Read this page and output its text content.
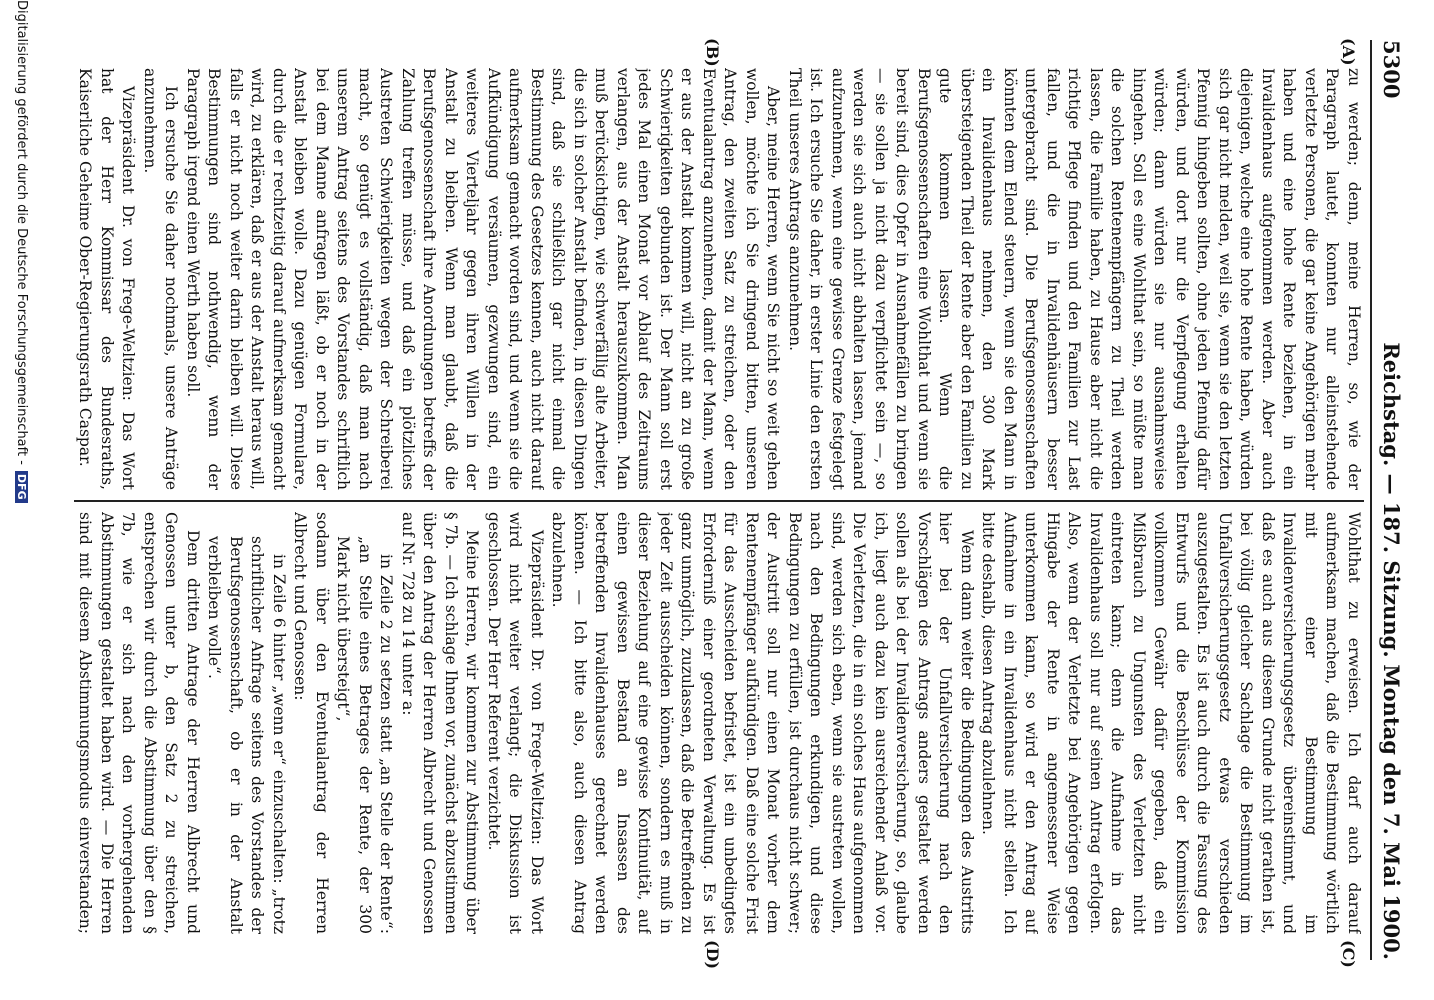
5300
Reichstag. — 187. Sitzung.
Montag den 7. Mai 1900.
(A)
(B)
(C)
(D)

zu werden; denn, meine Herren, so, wie der Paragraph lautet, konnten nur alleinstehende verletzte Personen, die gar keine Angehörigen mehr haben und eine hohe Rente beziehen, in ein Invalidenhaus aufgenommen werden. Aber auch diejenigen, welche eine hohe Rente haben, würden sich gar nicht melden, weil sie, wenn sie den letzten Pfennig hingeben sollten, ohne jeden Pfennig dafür würden, und dort nur die Verpflegung erhalten würden; dann würden sie nur ausnahmsweise hingehen. Soll es eine Wohlthat sein, so müßte man die solchen Rentenempfängern zu Theil werden lassen, die Familie haben, zu Hause aber nicht die richtige Pflege finden und den Familien zur Last fallen, und die in Invalidenhäusern besser untergebracht sind. Die Berufsgenossenschaften könnten dem Elend steuern, wenn sie den Mann in ein Invalidenhaus nehmen, den 300 Mark übersteigenden Theil der Rente aber den Familien zu gute kommen lassen. Wenn die Berufsgenossenschaften eine Wohlthat und wenn sie bereit sind, dies Opfer in Ausnahmefällen zu bringen — sie sollen ja nicht dazu verpflichtet sein —, so werden sie sich auch nicht abhalten lassen, jemand aufzunehmen, wenn eine gewisse Grenze festgelegt ist. Ich ersuche Sie daher, in erster Linie den ersten Theil unseres Antrags anzunehmen.

Aber, meine Herren, wenn Sie nicht so weit gehen wollen, möchte ich Sie dringend bitten, unseren Antrag, den zweiten Satz zu streichen, oder den Eventualantrag anzunehmen, damit der Mann, wenn er aus der Anstalt kommen will, nicht an zu große Schwierigkeiten gebunden ist. Der Mann soll erst jedes Mal einen Monat vor Ablauf des Zeitraums verlangen, aus der Anstalt herauszukommen. Man muß berücksichtigen, wie schwerfällig alte Arbeiter, die sich in solcher Anstalt befinden, in diesen Dingen sind, daß sie schließlich gar nicht einmal die Bestimmung des Gesetzes kennen, auch nicht darauf aufmerksam gemacht worden sind, und wenn sie die Aufkündigung versäumen, gezwungen sind, ein weiteres Vierteljahr gegen ihren Willen in der Anstalt zu bleiben. Wenn man glaubt, daß die Berufsgenossenschaft ihre Anordnungen betreffs der Zahlung treffen müsse, und daß ein plötzliches Austreten Schwierigkeiten wegen der Schreiberei macht, so genügt es vollständig, daß man nach unserem Antrag seitens des Vorstandes schriftlich bei dem Manne anfragen läßt, ob er noch in der Anstalt bleiben wolle. Dazu genügen Formulare, durch die er rechtzeitig darauf aufmerksam gemacht wird, zu erklären, daß er aus der Anstalt heraus will, falls er nicht noch weiter darin bleiben will. Diese Bestimmungen sind nothwendig, wenn der Paragraph irgend einen Werth haben soll.

Ich ersuche Sie daher nochmals, unsere Anträge anzunehmen.

Vizepräsident Dr. von Frege-Weltzien: Das Wort hat der Herr Kommissar des Bundesraths, Kaiserliche Geheime Ober-Regierungsrath Caspar.

Wohlthat zu erweisen. Ich darf auch darauf aufmerksam machen, daß die Bestimmung wörtlich mit einer Bestimmung im Invalidenversicherungsgesetz übereinstimmt, und daß es auch aus diesem Grunde nicht gerathen ist, bei völlig gleicher Sachlage die Bestimmung im Unfallversicherungsgesetz etwas verschieden auszugestalten. Es ist auch durch die Fassung des Entwurfs und die Beschlüsse der Kommission vollkommen Gewähr dafür gegeben, daß ein Mißbrauch zu Ungunsten des Verletzten nicht eintreten kann; denn die Aufnahme in das Invalidenhaus soll nur auf seinen Antrag erfolgen. Also, wenn der Verletzte bei Angehörigen gegen Hingabe der Rente in angemessener Weise unterkommen kann, so wird er den Antrag auf Aufnahme in ein Invalidenhaus nicht stellen. Ich bitte deshalb, diesen Antrag abzulehnen.

Wenn dann weiter die Bedingungen des Austritts hier bei der Unfallversicherung nach den Vorschlägen des Antrags anders gestaltet werden sollen als bei der Invalidenversicherung, so, glaube ich, liegt auch dazu kein ausreichender Anlaß vor. Die Verletzten, die in ein solches Haus aufgenommen sind, werden sich eben, wenn sie austreten wollen, nach den Bedingungen erkundigen, und diese Bedingungen zu erfüllen, ist durchaus nicht schwer; der Austritt soll nur einen Monat vorher dem Rentenempfänger aufkündigen. Daß eine solche Frist für das Ausscheiden befristet, ist ein unbedingtes Erforderniß einer geordneten Verwaltung. Es ist ganz unmöglich, zuzulassen, daß die Betreffenden zu jeder Zeit ausscheiden können, sondern es muß in dieser Beziehung auf eine gewisse Kontinuität, auf einen gewissen Bestand an Insassen des betreffenden Invalidenhauses gerechnet werden können. — Ich bitte also, auch diesen Antrag abzulehnen.

Vizepräsident Dr. von Frege-Weltzien: Das Wort wird nicht weiter verlangt; die Diskussion ist geschlossen. Der Herr Referent verzichtet.

Meine Herren, wir kommen zur Abstimmung über § 7b. — Ich schlage Ihnen vor, zunächst abzustimmen über den Antrag der Herren Albrecht und Genossen auf Nr. 728 zu 14 unter a:

in Zeile 2 zu setzen statt „an Stelle der Rente“: „an Stelle eines Betrages der Rente, der 300 Mark nicht übersteigt“,

sodann über den Eventualantrag der Herren Albrecht und Genossen:

in Zeile 6 hinter „wenn er“ einzuschalten: „trotz schriftlicher Anfrage seitens des Vorstandes der Berufsgenossenschaft, ob er in der Anstalt verbleiben wolle“.

Dem dritten Antrage der Herren Albrecht und Genossen unter b, den Satz 2 zu streichen, entsprechen wir durch die Abstimmung über den § 7b, wie er sich nach den vorhergehenden Abstimmungen gestaltet haben wird. — Die Herren sind mit diesem Abstimmungsmodus einverstanden;

Digitalisierung gefördert durch die Deutsche Forschungsgemeinschaft -DFG
